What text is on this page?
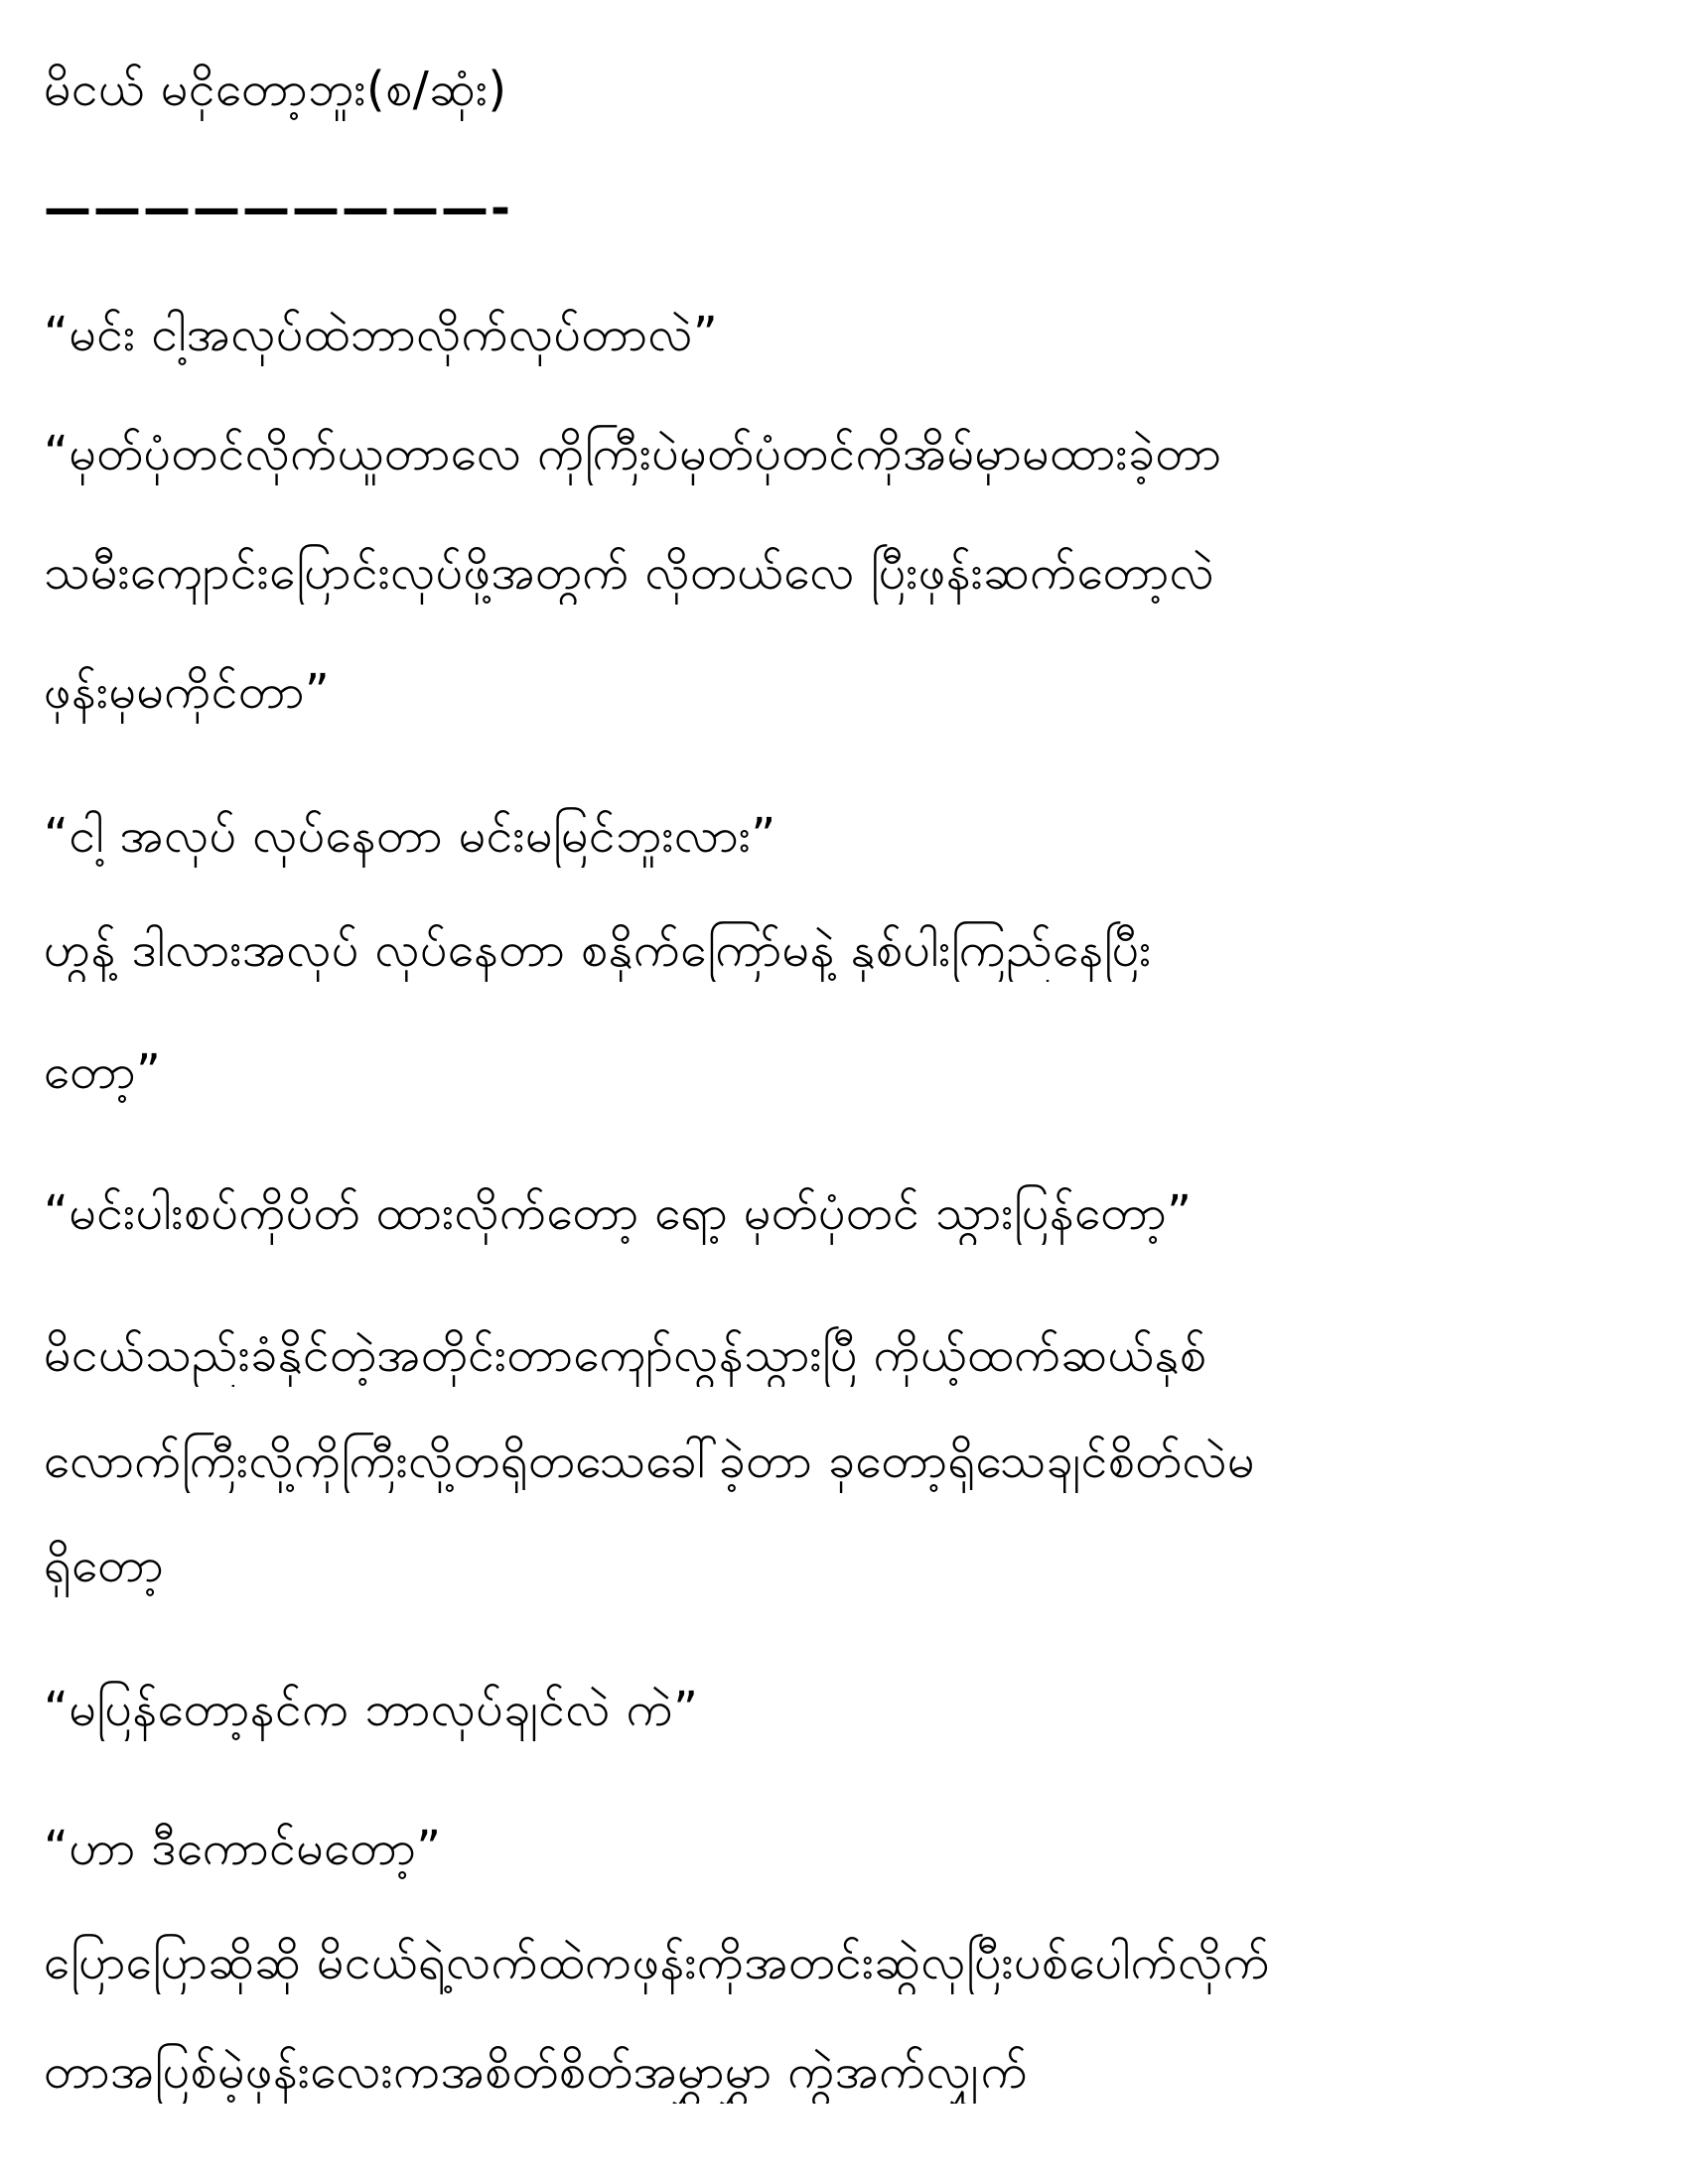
မိငယ် မငိုတော့ဘူး(စ/ဆုံး)
—————————-
“မင်း ငါ့အလုပ်ထဲဘာလိုက်လုပ်တာလဲ”
“မှတ်ပုံတင်လိုက်ယူတာလေ ကိုကြီးပဲမှတ်ပုံတင်ကိုအိမ်မှာမထားခဲ့တာ
သမီးကျောင်းပြောင်းလုပ်ဖို့အတွက် လိုတယ်လေ ပြီးဖုန်းဆက်တော့လဲ
ဖုန်းမှမကိုင်တာ”
“ငါ့ အလုပ် လုပ်နေတာ မင်းမမြင်ဘူးလား”
ဟွန့် ဒါလားအလုပ် လုပ်နေတာ စနိုက်ကြော်မနဲ့ နှစ်ပါးကြည်နေပြီး
တော့”
“မင်းပါးစပ်ကိုပိတ် ထားလိုက်တော့ ရော့ မှတ်ပုံတင် သွားပြန်တော့”
မိငယ်သည်းခံနိုင်တဲ့အတိုင်းတာကျော်လွန်သွားပြီ ကိုယ့်ထက်ဆယ်နှစ်
လောက်ကြီးလို့ကိုကြီးလို့တရိုတသေခေါ်ခဲ့တာ ခုတော့ရိုသေချင်စိတ်လဲမ
ရှိတော့
“မပြန်တော့နင်က ဘာလုပ်ချင်လဲ ကဲ”
“ဟာ ဒီကောင်မတော့”
ပြောပြောဆိုဆို မိငယ်ရဲ့လက်ထဲကဖုန်းကိုအတင်းဆွဲလုပြီးပစ်ပေါက်လိုက်
တာအပြစ်မဲ့ဖုန်းလေးကအစိတ်စိတ်အမွှာမွှာ ကွဲအက်လျှက်
